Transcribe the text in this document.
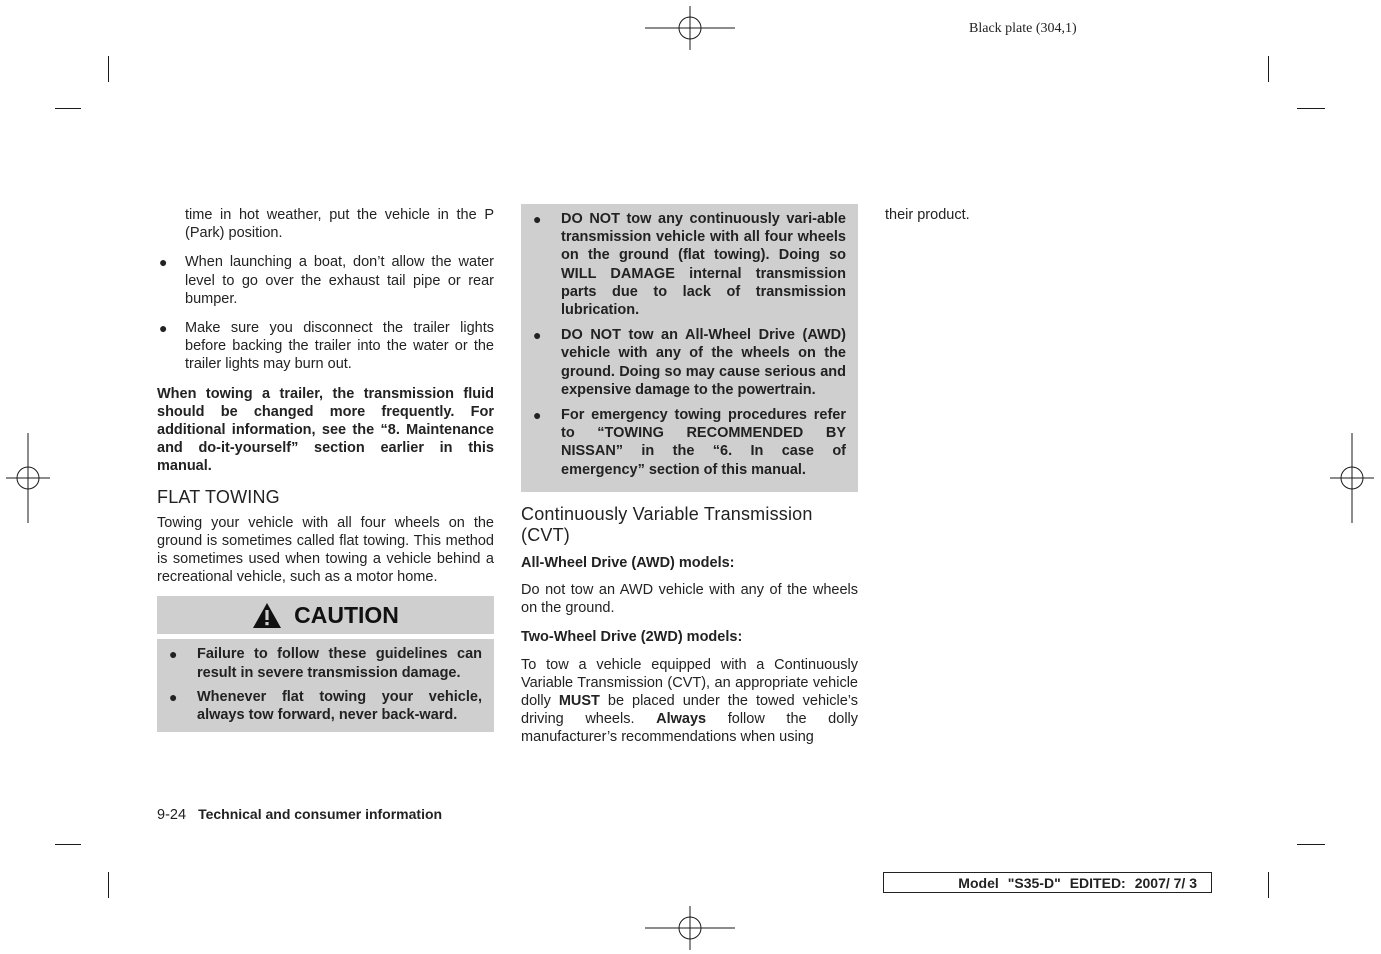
Black plate (304,1)

time in hot weather, put the vehicle in the P (Park) position.

● When launching a boat, don’t allow the water level to go over the exhaust tail pipe or rear bumper.
● Make sure you disconnect the trailer lights before backing the trailer into the water or the trailer lights may burn out.

When towing a trailer, the transmission fluid should be changed more frequently. For additional information, see the “8. Maintenance and do-it-yourself” section earlier in this manual.

FLAT TOWING

Towing your vehicle with all four wheels on the ground is sometimes called flat towing. This method is sometimes used when towing a vehicle behind a recreational vehicle, such as a motor home.

CAUTION
● Failure to follow these guidelines can result in severe transmission damage.
● Whenever flat towing your vehicle, always tow forward, never back-ward.
● DO NOT tow any continuously vari-able transmission vehicle with all four wheels on the ground (flat towing). Doing so WILL DAMAGE internal transmission parts due to lack of transmission lubrication.
● DO NOT tow an All-Wheel Drive (AWD) vehicle with any of the wheels on the ground. Doing so may cause serious and expensive damage to the powertrain.
● For emergency towing procedures refer to “TOWING RECOMMENDED BY NISSAN” in the “6. In case of emergency” section of this manual.
Continuously Variable Transmission (CVT)

All-Wheel Drive (AWD) models:

Do not tow an AWD vehicle with any of the wheels on the ground.

Two-Wheel Drive (2WD) models:

To tow a vehicle equipped with a Continuously Variable Transmission (CVT), an appropriate vehicle dolly MUST be placed under the towed vehicle’s driving wheels. Always follow the dolly manufacturer’s recommendations when using

their product.

9-24 Technical and consumer information
Model "S35-D" EDITED: 2007/ 7/ 3
